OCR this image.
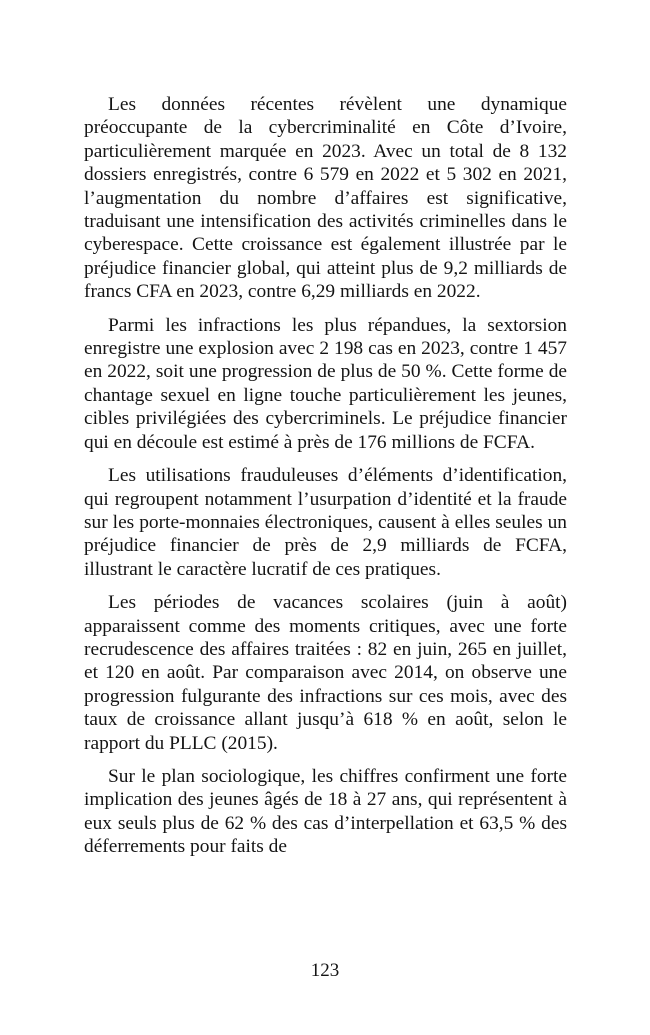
Les données récentes révèlent une dynamique préoccupante de la cybercriminalité en Côte d’Ivoire, particulièrement marquée en 2023. Avec un total de 8 132 dossiers enregistrés, contre 6 579 en 2022 et 5 302 en 2021, l’augmentation du nombre d’affaires est significative, traduisant une intensification des activités criminelles dans le cyberespace. Cette croissance est également illustrée par le préjudice financier global, qui atteint plus de 9,2 milliards de francs CFA en 2023, contre 6,29 milliards en 2022.

Parmi les infractions les plus répandues, la sextorsion enregistre une explosion avec 2 198 cas en 2023, contre 1 457 en 2022, soit une progression de plus de 50 %. Cette forme de chantage sexuel en ligne touche particulièrement les jeunes, cibles privilégiées des cybercriminels. Le préjudice financier qui en découle est estimé à près de 176 millions de FCFA.

Les utilisations frauduleuses d’éléments d’identification, qui regroupent notamment l’usurpation d’identité et la fraude sur les porte-monnaies électroniques, causent à elles seules un préjudice financier de près de 2,9 milliards de FCFA, illustrant le caractère lucratif de ces pratiques.

Les périodes de vacances scolaires (juin à août) apparaissent comme des moments critiques, avec une forte recrudescence des affaires traitées : 82 en juin, 265 en juillet, et 120 en août. Par comparaison avec 2014, on observe une progression fulgurante des infractions sur ces mois, avec des taux de croissance allant jusqu’à 618 % en août, selon le rapport du PLLC (2015).

Sur le plan sociologique, les chiffres confirment une forte implication des jeunes âgés de 18 à 27 ans, qui représentent à eux seuls plus de 62 % des cas d’interpellation et 63,5 % des déferrements pour faits de

123
